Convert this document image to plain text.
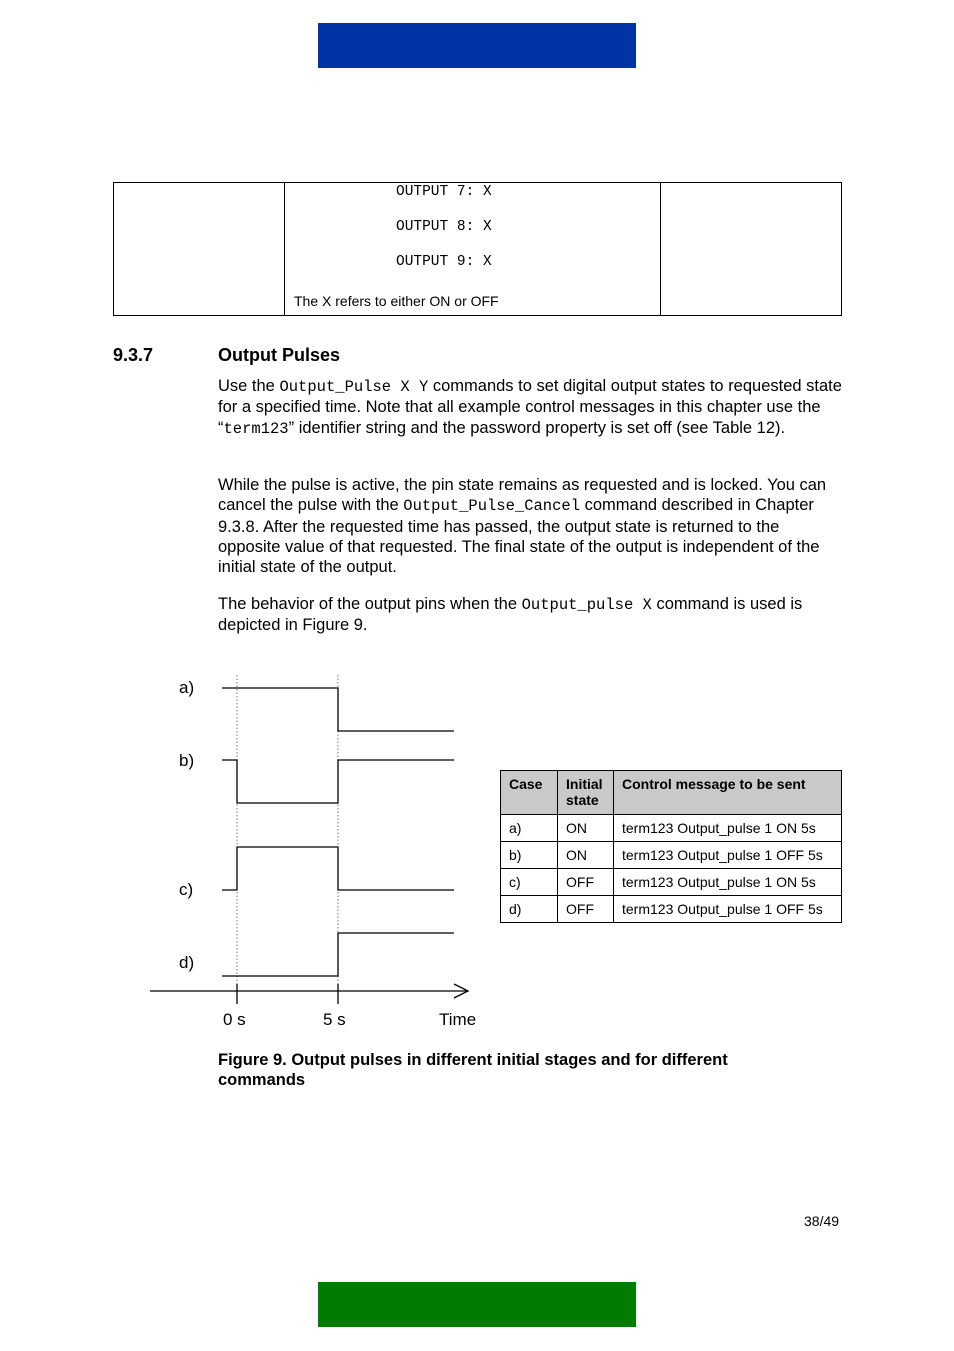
OUTPUT 7: X
OUTPUT 8: X
OUTPUT 9: X
The X refers to either ON or OFF
9.3.7	Output Pulses
Use the Output_Pulse X Y commands to set digital output states to requested state for a specified time. Note that all example control messages in this chapter use the “term123” identifier string and the password property is set off (see Table 12).
While the pulse is active, the pin state remains as requested and is locked. You can cancel the pulse with the Output_Pulse_Cancel command described in Chapter 9.3.8. After the requested time has passed, the output state is returned to the opposite value of that requested. The final state of the output is independent of the initial state of the output.
The behavior of the output pins when the Output_pulse X command is used is depicted in Figure 9.
a)
b)
c)
d)
0 s	5 s	Time
Case	Initial state	Control message to be sent
a)	ON	term123 Output_pulse 1 ON 5s
b)	ON	term123 Output_pulse 1 OFF 5s
c)	OFF	term123 Output_pulse 1 ON 5s
d)	OFF	term123 Output_pulse 1 OFF 5s
Figure 9. Output pulses in different initial stages and for different commands
38/49
